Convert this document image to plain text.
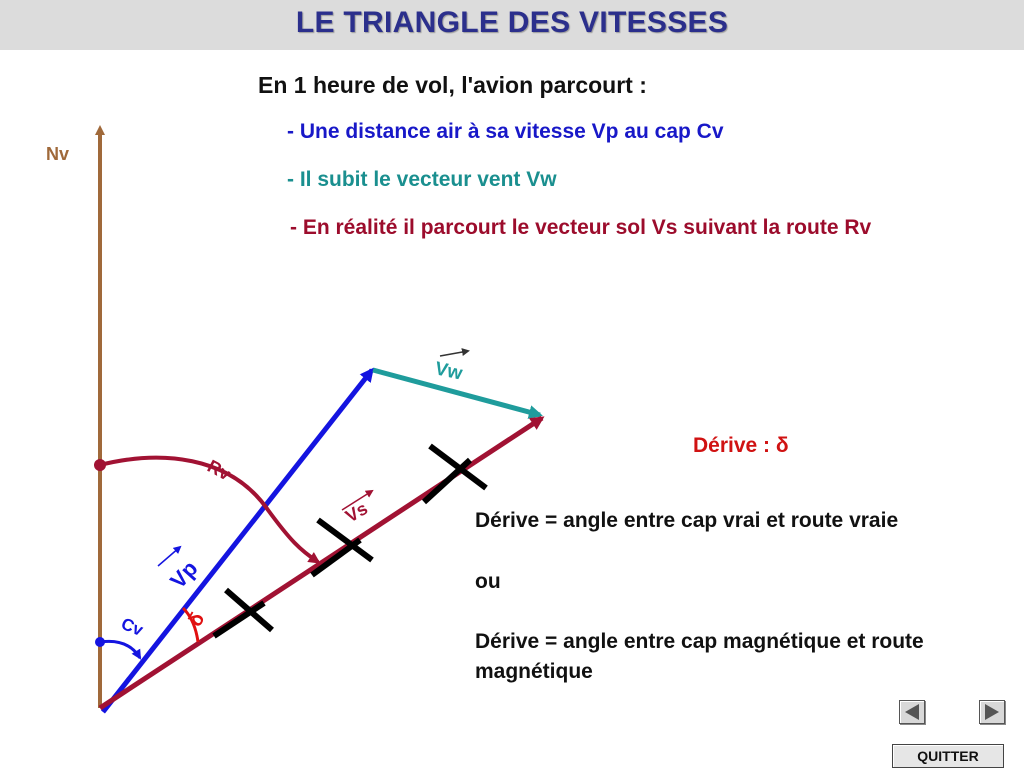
LE TRIANGLE DES VITESSES
En 1 heure de vol, l'avion parcourt :
- Une distance air à sa vitesse Vp au cap Cv
- Il subit le vecteur vent Vw
- En réalité il parcourt le vecteur sol Vs suivant la route Rv
Nv
Rv
Cv δ
Vw
Vp
Vs
Dérive : δ
Dérive = angle entre cap vrai et route vraie
ou
Dérive = angle entre cap magnétique et route magnétique
QUITTER
